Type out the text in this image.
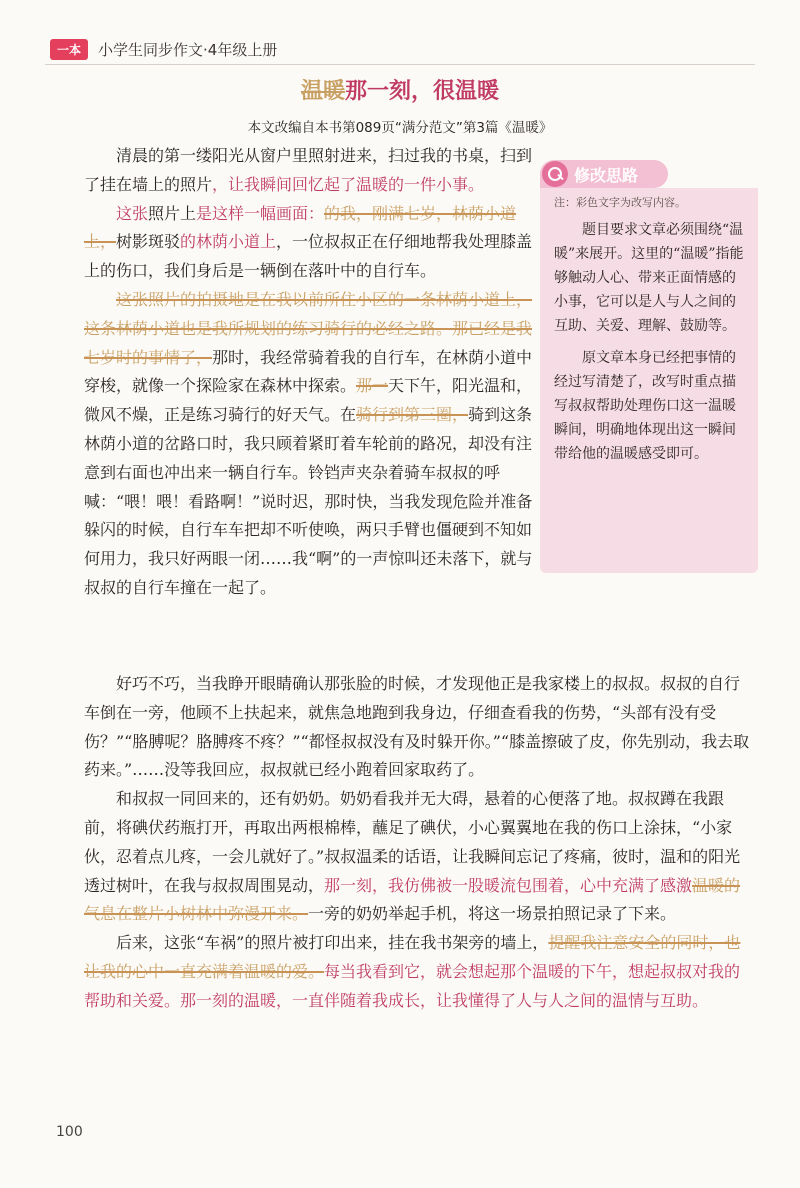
一本	小学生同步作文·4年级上册
温暖那一刻，很温暖
本文改编自本书第089页“满分范文”第3篇《温暖》

清晨的第一缕阳光从窗户里照射进来，扫过我的书桌，扫到了挂在墙上的照片，让我瞬间回忆起了温暖的一件小事。

这张照片上是这样一幅画面：的我，刚满七岁，林荫小道上，树影斑驳的林荫小道上，一位叔叔正在仔细地帮我处理膝盖上的伤口，我们身后是一辆倒在落叶中的自行车。

这张照片的拍摄地是在我以前所住小区的一条林荫小道上，这条林荫小道也是我所规划的练习骑行的必经之路。那已经是我七岁时的事情了，那时，我经常骑着我的自行车，在林荫小道中穿梭，就像一个探险家在森林中探索。那一天下午，阳光温和，微风不燥，正是练习骑行的好天气。在骑行到第三圈，骑到这条林荫小道的岔路口时，我只顾着紧盯着车轮前的路况，却没有注意到右面也冲出来一辆自行车。铃铛声夹杂着骑车叔叔的呼喊：“喂！喂！看路啊！”说时迟，那时快，当我发现危险并准备躲闪的时候，自行车车把却不听使唤，两只手臂也僵硬到不知如何用力，我只好两眼一闭……我“啊”的一声惊叫还未落下，就与叔叔的自行车撞在一起了。

注：彩色文字为改写内容。

题目要求文章必须围绕“温暖”来展开。这里的“温暖”指能够触动人心、带来正面情感的小事，它可以是人与人之间的互助、关爱、理解、鼓励等。

原文章本身已经把事情的经过写清楚了，改写时重点描写叔叔帮助处理伤口这一温暖瞬间，明确地体现出这一瞬间带给他的温暖感受即可。

修改思路

好巧不巧，当我睁开眼睛确认那张脸的时候，才发现他正是我家楼上的叔叔。叔叔的自行车倒在一旁，他顾不上扶起来，就焦急地跑到我身边，仔细查看我的伤势，“头部有没有受伤？”“胳膊呢？胳膊疼不疼？”“都怪叔叔没有及时躲开你。”“膝盖擦破了皮，你先别动，我去取药来。”……没等我回应，叔叔就已经小跑着回家取药了。

和叔叔一同回来的，还有奶奶。奶奶看我并无大碍，悬着的心便落了地。叔叔蹲在我跟前，将碘伏药瓶打开，再取出两根棉棒，蘸足了碘伏，小心翼翼地在我的伤口上涂抹，“小家伙，忍着点儿疼，一会儿就好了。”叔叔温柔的话语，让我瞬间忘记了疼痛，彼时，温和的阳光透过树叶，在我与叔叔周围晃动，那一刻，我仿佛被一股暖流包围着，心中充满了感激温暖的气息在整片小树林中弥漫开来。一旁的奶奶举起手机，将这一场景拍照记录了下来。

后来，这张“车祸”的照片被打印出来，挂在我书架旁的墙上，提醒我注意安全的同时，也让我的心中一直充满着温暖的爱。每当我看到它，就会想起那个温暖的下午，想起叔叔对我的帮助和关爱。那一刻的温暖，一直伴随着我成长，让我懂得了人与人之间的温情与互助。

100
